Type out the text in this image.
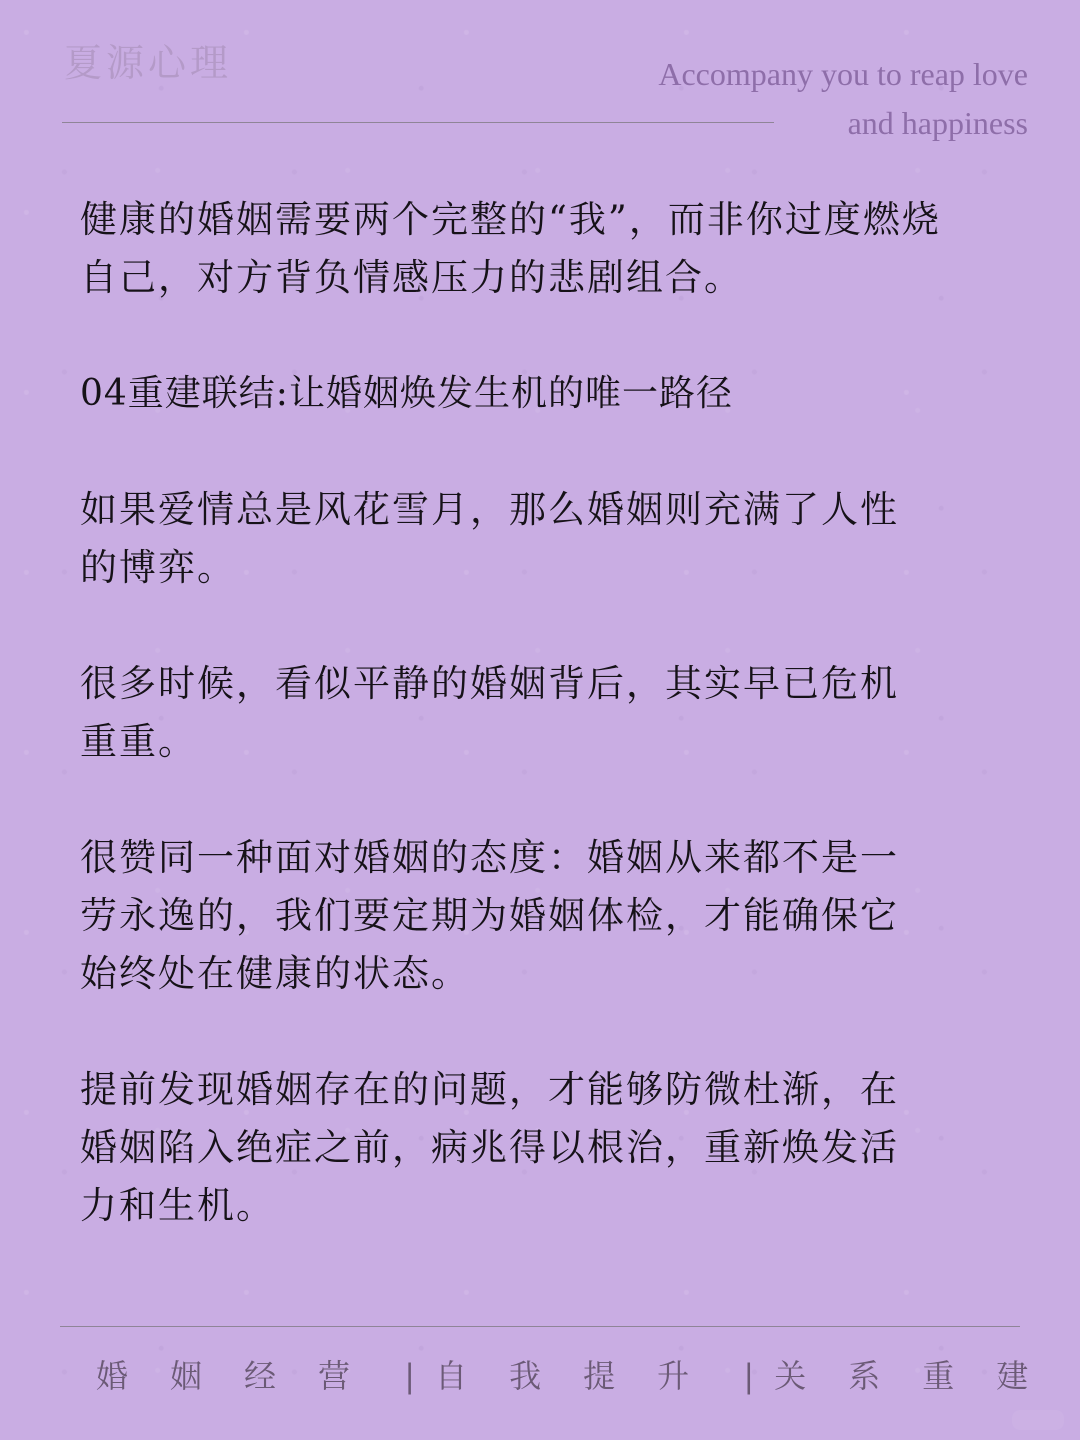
夏源心理	Accompany you to reap love
and happiness
健康的婚姻需要两个完整的“我”，而非你过度燃烧
自己，对方背负情感压力的悲剧组合。
04重建联结:让婚姻焕发生机的唯一路径
如果爱情总是风花雪月，那么婚姻则充满了人性
的博弈。
很多时候，看似平静的婚姻背后，其实早已危机
重重。
很赞同一种面对婚姻的态度：婚姻从来都不是一
劳永逸的，我们要定期为婚姻体检，才能确保它
始终处在健康的状态。
提前发现婚姻存在的问题，才能够防微杜渐，在
婚姻陷入绝症之前，病兆得以根治，重新焕发活
力和生机。
婚姻经营 | 自我提升 | 关系重建
